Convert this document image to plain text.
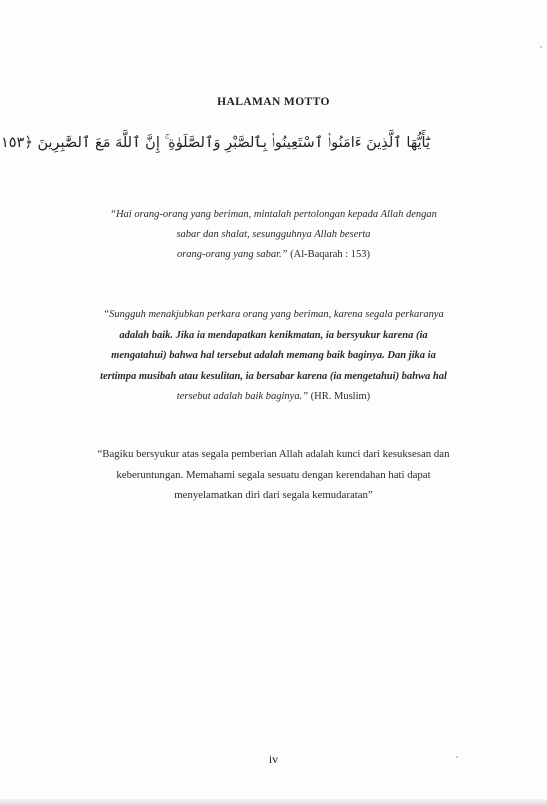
HALAMAN MOTTO
يَٰٓأَيُّهَا ٱلَّذِينَ ءَامَنُوا۟ ٱسْتَعِينُوا۟ بِٱلصَّبْرِ وَٱلصَّلَوٰةِ ۚ إِنَّ ٱللَّهَ مَعَ ٱلصَّٰبِرِينَ ﴿١٥٣
“Hai orang-orang yang beriman, mintalah pertolongan kepada Allah dengan
sabar dan shalat, sesungguhnya Allah beserta
orang-orang yang sabar.” (Al-Baqarah : 153)
“Sungguh menakjubkan perkara orang yang beriman, karena segala perkaranya
adalah baik. Jika ia mendapatkan kenikmatan, ia bersyukur karena (ia
mengatahui) bahwa hal tersebut adalah memang baik baginya. Dan jika ia
tertimpa musibah atau kesulitan, ia bersabar karena (ia mengetahui) bahwa hal
tersebut adalah baik baginya.” (HR. Muslim)
“Bagiku bersyukur atas segala pemberian Allah adalah kunci dari kesuksesan dan
keberuntungan. Memahami segala sesuatu dengan kerendahan hati dapat
menyelamatkan diri dari segala kemudaratan”
iv
